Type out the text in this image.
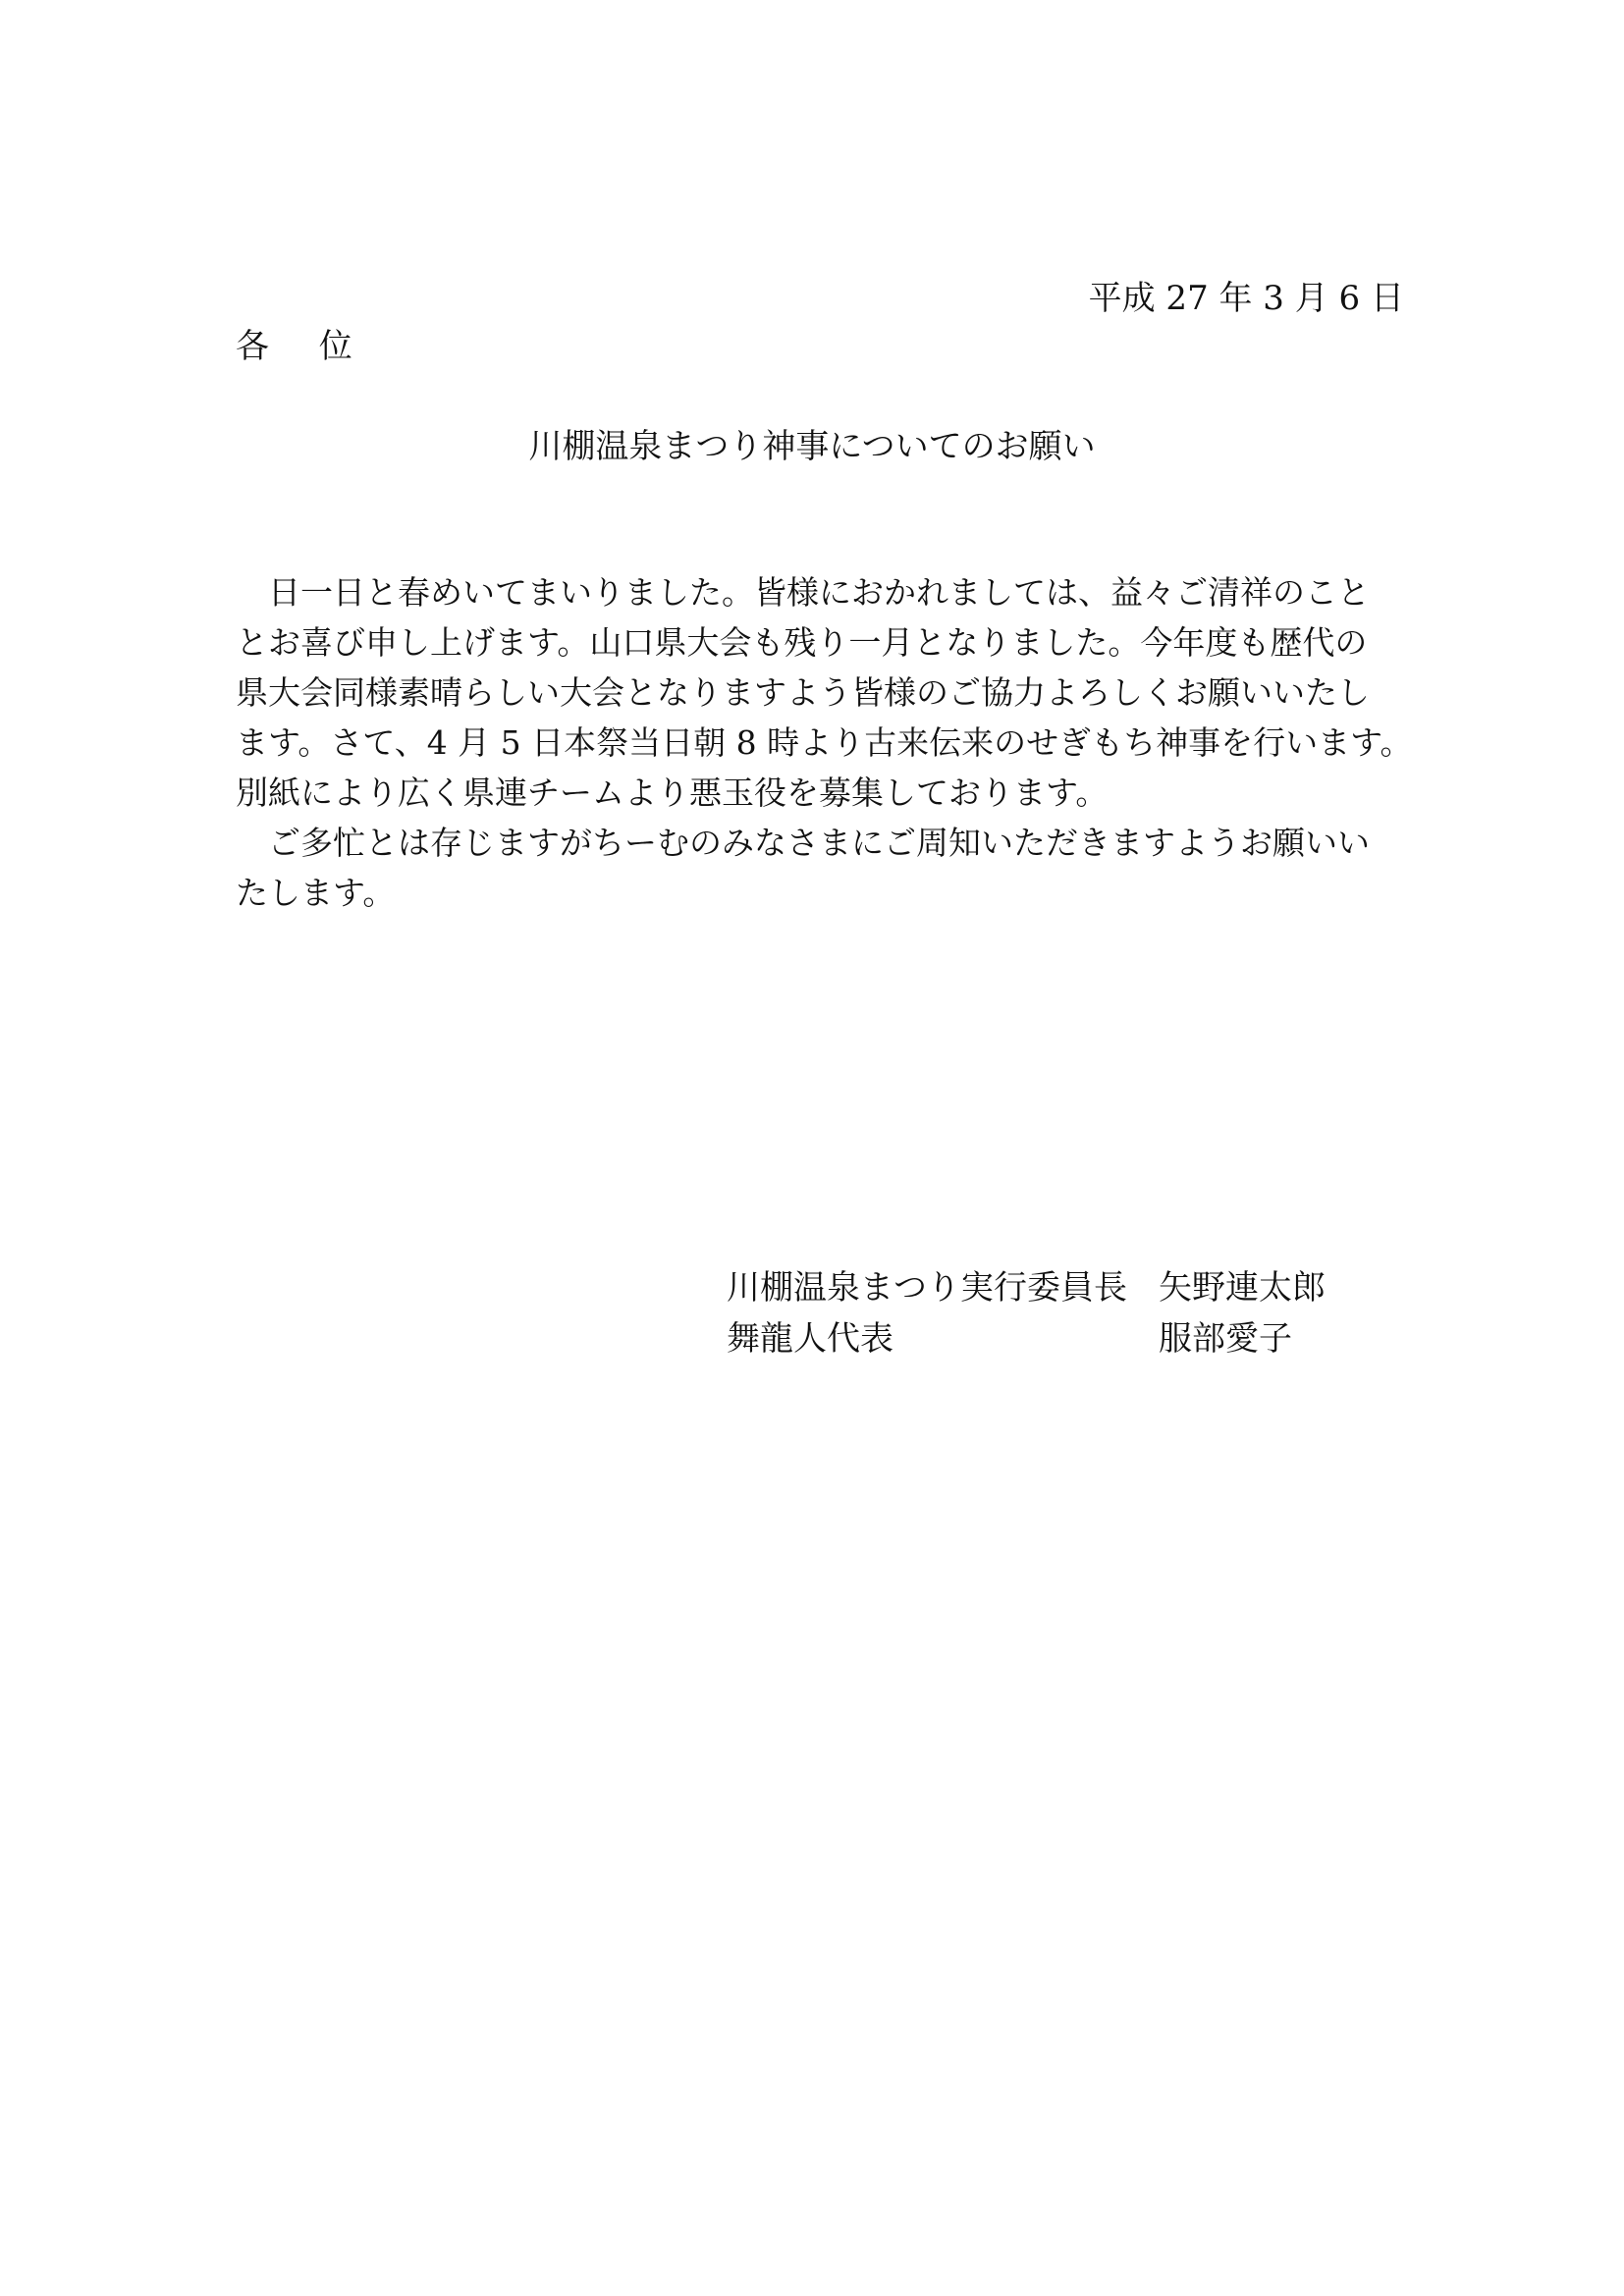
平成 27 年 3 月 6 日
各 位
川棚温泉まつり神事についてのお願い
　日一日と春めいてまいりました。皆様におかれましては、益々ご清祥のこと
とお喜び申し上げます。山口県大会も残り一月となりました。今年度も歴代の
県大会同様素晴らしい大会となりますよう皆様のご協力よろしくお願いいたし
ます。さて、4 月 5 日本祭当日朝 8 時より古来伝来のせぎもち神事を行います。
別紙により広く県連チームより悪玉役を募集しております。
　ご多忙とは存じますがちーむのみなさまにご周知いただきますようお願いい
たします。
川棚温泉まつり実行委員長 矢野連太郎
舞龍人代表	服部愛子
